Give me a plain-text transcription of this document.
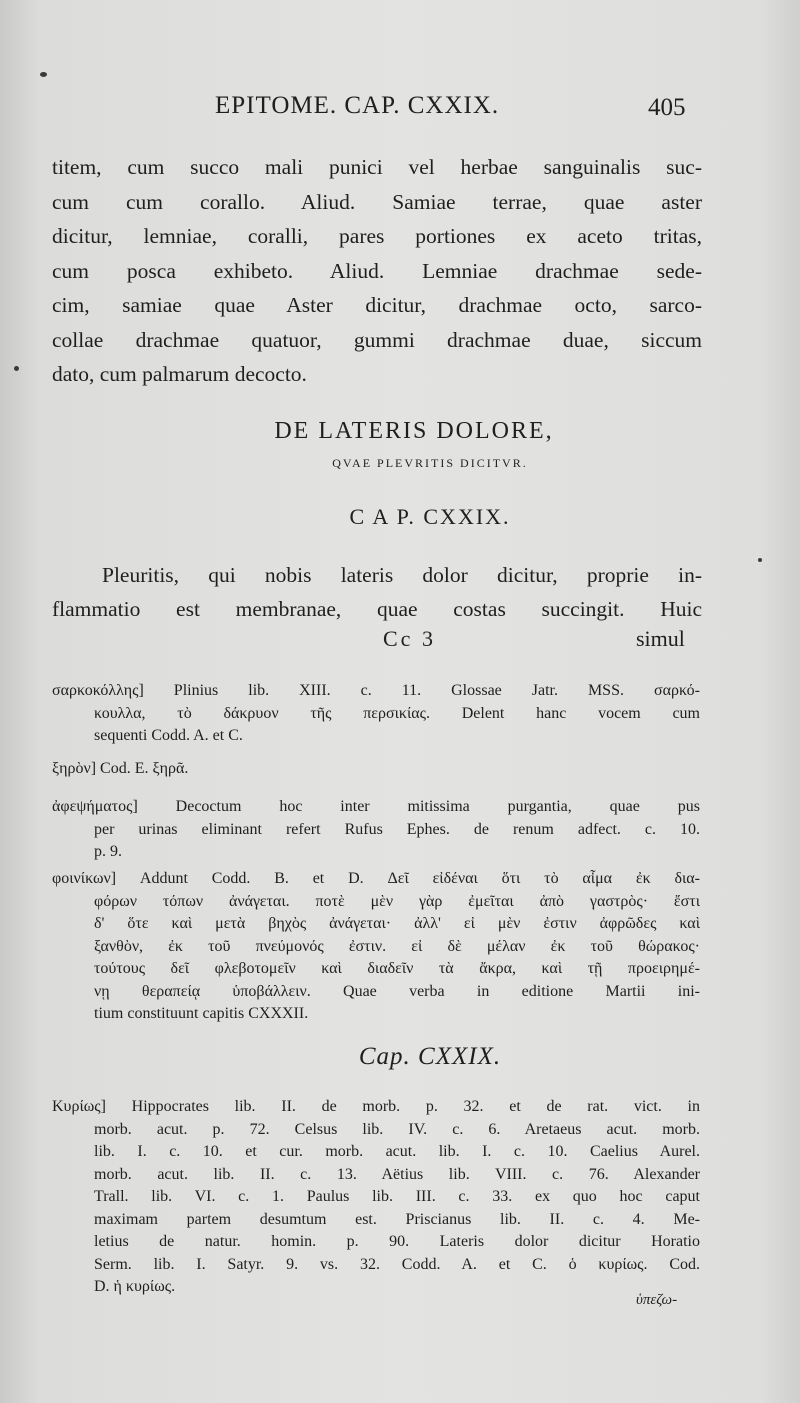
EPITOME. CAP. CXXIX.	405
titem, cum succo mali punici vel herbae sanguinalis suc-
cum cum corallo. Aliud. Samiae terrae, quae aster
dicitur, lemniae, coralli, pares portiones ex aceto tritas,
cum posca exhibeto. Aliud. Lemniae drachmae sede-
cim, samiae quae Aster dicitur, drachmae octo, sarco-
collae drachmae quatuor, gummi drachmae duae, siccum
dato, cum palmarum decocto.
DE LATERIS DOLORE,
QVAE PLEVRITIS DICITVR.
C A P. CXXIX.
Pleuritis, qui nobis lateris dolor dicitur, proprie in-
flammatio est membranae, quae costas succingit. Huic
Cc 3	simul
σαρκοκόλλης] Plinius lib. XIII. c. 11. Glossae Jatr. MSS. σαρκό-
κουλλα, τὸ δάκρυον τῆς περσικίας. Delent hanc vocem cum
sequenti Codd. A. et C.
ξηρὸν] Cod. E. ξηρᾶ.
ἀφεψήματος] Decoctum hoc inter mitissima purgantia, quae pus
per urinas eliminant refert Rufus Ephes. de renum adfect. c. 10.
p. 9.
φοινίκων] Addunt Codd. B. et D. Δεῖ εἰδέναι ὅτι τὸ αἷμα ἐκ δια-
φόρων τόπων ἀνάγεται. ποτὲ μὲν γὰρ ἐμεῖται ἀπὸ γαστρὸς· ἔστι
δ' ὅτε καὶ μετὰ βηχὸς ἀνάγεται· ἀλλ' εἰ μὲν ἐστιν ἀφρῶδες καὶ
ξανθὸν, ἐκ τοῦ πνεύμονός ἐστιν. εἰ δὲ μέλαν ἐκ τοῦ θώρακος·
τούτους δεῖ φλεβοτομεῖν καὶ διαδεῖν τὰ ἄκρα, καὶ τῇ προειρημέ-
νῃ θεραπείᾳ ὑποβάλλειν. Quae verba in editione Martii ini-
tium constituunt capitis CXXXII.
Cap. CXXIX.
Κυρίως] Hippocrates lib. II. de morb. p. 32. et de rat. vict. in
morb. acut. p. 72. Celsus lib. IV. c. 6. Aretaeus acut. morb.
lib. I. c. 10. et cur. morb. acut. lib. I. c. 10. Caelius Aurel.
morb. acut. lib. II. c. 13. Aëtius lib. VIII. c. 76. Alexander
Trall. lib. VI. c. 1. Paulus lib. III. c. 33. ex quo hoc caput
maximam partem desumtum est. Priscianus lib. II. c. 4. Me-
letius de natur. homin. p. 90. Lateris dolor dicitur Horatio
Serm. lib. I. Satyr. 9. vs. 32. Codd. A. et C. ὁ κυρίως. Cod.
D. ἡ κυρίως.
ὑπεζω-
